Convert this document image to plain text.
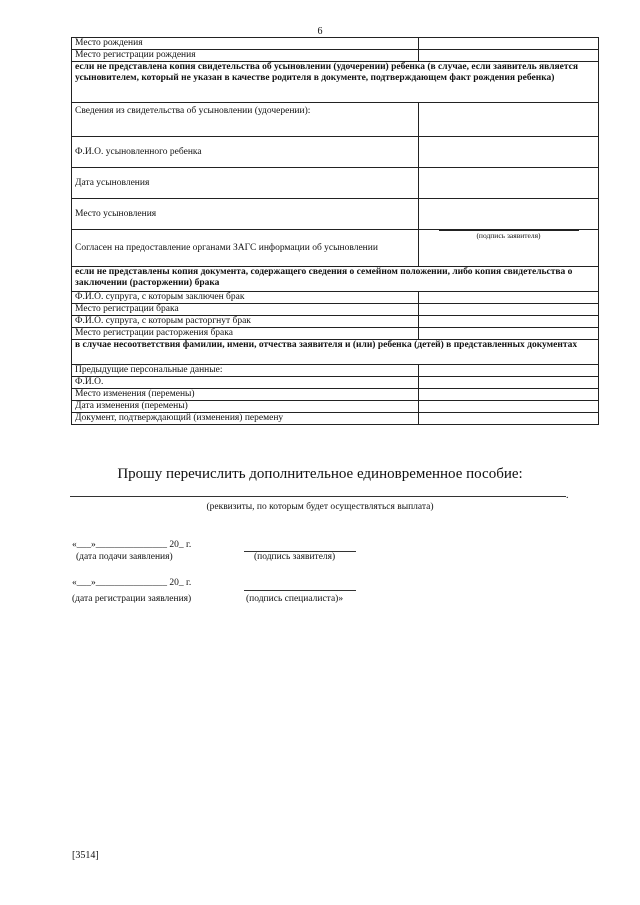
6
Место рождения	
Место регистрации рождения	
если не представлена копия свидетельства об усыновлении (удочерении) ребенка (в случае, если заявитель является усыновителем, который не указан в качестве родителя в документе, подтверждающем факт рождения ребенка)	
Сведения из свидетельства об усыновлении (удочерении):	
Ф.И.О. усыновленного ребенка	
Дата усыновления	
Место усыновления	
Согласен на предоставление органами ЗАГС информации об усыновлении	(подпись заявителя)

если не представлены копия документа, содержащего сведения о семейном положении, либо копия свидетельства о заключении (расторжении) брака	
Ф.И.О. супруга, с которым заключен брак	
Место регистрации брака	
Ф.И.О. супруга, с которым расторгнут брак	
Место регистрации расторжения брака	
в случае несоответствия фамилии, имени, отчества заявителя и (или) ребенка (детей) в представленных документах	
Предыдущие персональные данные:	
Ф.И.О.	
Место изменения (перемены)	
Дата изменения (перемены)	
Документ, подтверждающий (изменения) перемену	
Прошу перечислить дополнительное единовременное пособие:
.
(реквизиты, по которым будет осуществляться выплата)
«___»_______________ 20_ г.
(дата подачи заявления)	(подпись заявителя)
«___»_______________ 20_ г.
(дата регистрации заявления)	(подпись специалиста)»
[3514]
